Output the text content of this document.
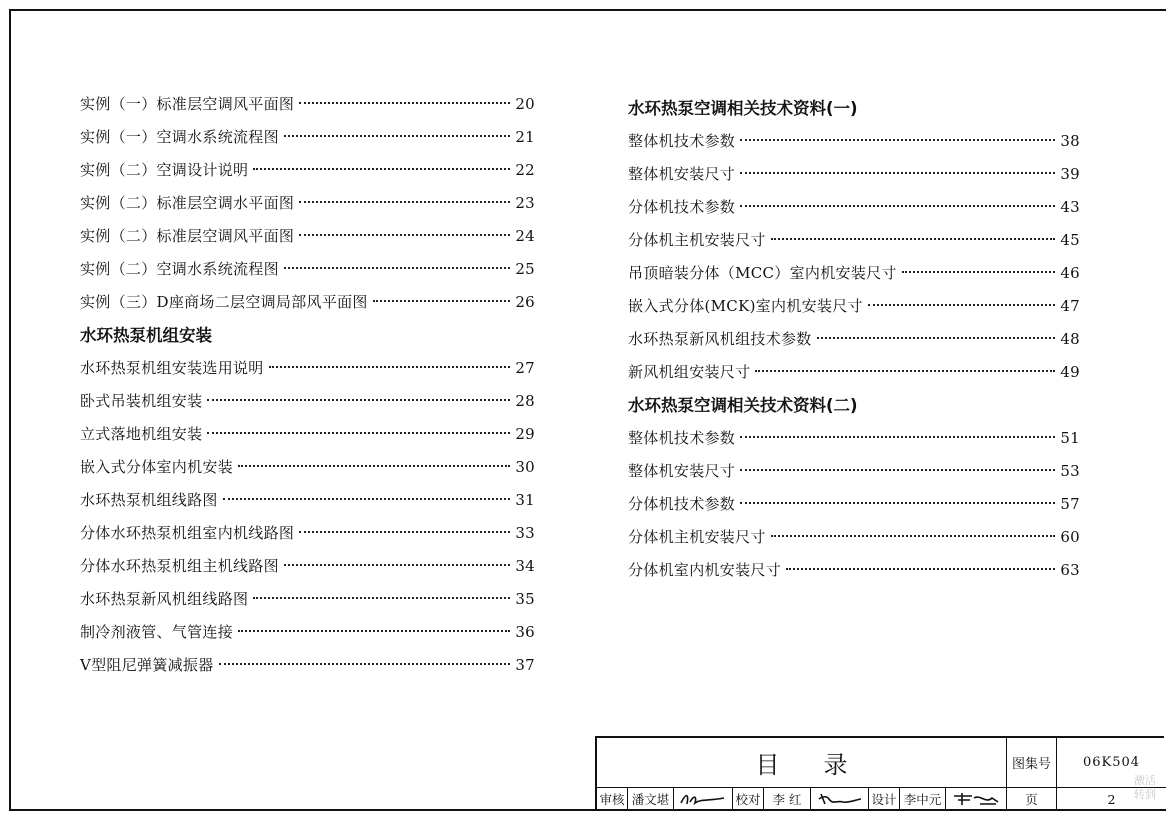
实例（一）标准层空调风平面图	20
实例（一）空调水系统流程图	21
实例（二）空调设计说明	22
实例（二）标准层空调水平面图	23
实例（二）标准层空调风平面图	24
实例（二）空调水系统流程图	25
实例（三）D座商场二层空调局部风平面图	26
水环热泵机组安装
水环热泵机组安装选用说明	27
卧式吊装机组安装	28
立式落地机组安装	29
嵌入式分体室内机安装	30
水环热泵机组线路图	31
分体水环热泵机组室内机线路图	33
分体水环热泵机组主机线路图	34
水环热泵新风机组线路图	35
制冷剂液管、气管连接	36
V型阻尼弹簧减振器	37
水环热泵空调相关技术资料(一)
整体机技术参数	38
整体机安装尺寸	39
分体机技术参数	43
分体机主机安装尺寸	45
吊顶暗装分体（MCC）室内机安装尺寸	46
嵌入式分体(MCK)室内机安装尺寸	47
水环热泵新风机组技术参数	48
新风机组安装尺寸	49
水环热泵空调相关技术资料(二)
整体机技术参数	51
整体机安装尺寸	53
分体机技术参数	57
分体机主机安装尺寸	60
分体机室内机安装尺寸	63
目录	图集号	06K504
审核 潘文堪	校对 李 红	设计 李中元	页	2
激活
转到
